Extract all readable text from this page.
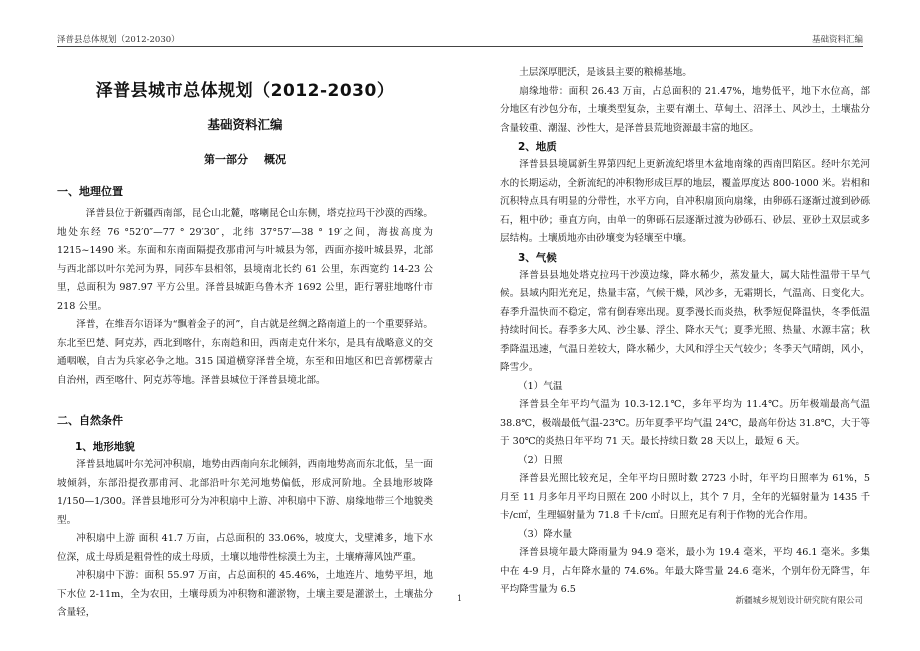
泽普县总体规划（2012-2030）	基础资料汇编
泽普县城市总体规划（2012-2030）
基础资料汇编
第一部分 概况
一、地理位置

泽普县位于新疆西南部，昆仑山北麓，喀喇昆仑山东侧，塔克拉玛干沙漠的西缘。地处东经 76 °52′0″—77 ° 29′30″，北纬 37°57′—38 ° 19′之间，海拔高度为 1215~1490 米。东面和东南面隔提孜那甫河与叶城县为邻，西面亦接叶城县界，北部与西北部以叶尔羌河为界，同莎车县相邻，县境南北长约 61 公里，东西宽约 14-23 公里，总面积为 987.97 平方公里。泽普县城距乌鲁木齐 1692 公里，距行署驻地喀什市 218 公里。

泽普，在维吾尔语译为“飘着金子的河”，自古就是丝绸之路南道上的一个重要驿站。东北至巴楚、阿克苏，西北到喀什，东南趋和田，西南走克什米尔，是具有战略意义的交通咽喉，自古为兵家必争之地。315 国道横穿泽普全境，东至和田地区和巴音郭楞蒙古自治州，西至喀什、阿克苏等地。泽普县城位于泽普县境北部。

二、自然条件
1、地形地貌

泽普县地属叶尔羌河冲积扇，地势由西南向东北倾斜，西南地势高而东北低，呈一面坡倾斜，东部沿提孜那甫河、北部沿叶尔羌河地势偏低，形成河阶地。全县地形坡降 1/150—1/300。泽普县地形可分为冲积扇中上游、冲积扇中下游、扇缘地带三个地貌类型。

冲积扇中上游 面积 41.7 万亩，占总面积的 33.06%，坡度大，戈壁滩多，地下水位深，成土母质是粗骨性的成土母质，土壤以地带性棕漠土为主，土壤瘠薄风蚀严重。

冲积扇中下游：面积 55.97 万亩，占总面积的 45.46%，土地连片、地势平坦，地下水位 2-11m，全为农田，土壤母质为冲积物和灌淤物，土壤主要是灌淤土，土壤盐分含量轻，

土层深厚肥沃，是该县主要的粮棉基地。

扇缘地带：面积 26.43 万亩，占总面积的 21.47%，地势低平，地下水位高，部分地区有沙包分布，土壤类型复杂，主要有潮土、草甸土、沼泽土、风沙土，土壤盐分含量较重、潮湿、沙性大，是泽普县荒地资源最丰富的地区。

2、地质

泽普县县境属新生界第四纪上更新流纪塔里木盆地南缘的西南凹陷区。经叶尔羌河水的长期运动，全新流纪的冲积物形成巨厚的地层，覆盖厚度达 800-1000 米。岩相和沉积特点具有明显的分带性，水平方向，自冲积扇顶向扇缘，由卵砾石逐渐过渡到砂砾石，粗中砂；垂直方向，由单一的卵砾石层逐渐过渡为砂砾石、砂层、亚砂土双层或多层结构。土壤质地亦由砂壤变为轻壤至中壤。

3、气候

泽普县县地处塔克拉玛干沙漠边缘，降水稀少，蒸发量大，属大陆性温带干旱气候。县域内阳光充足，热量丰富，气候干燥，风沙多，无霜期长，气温高、日变化大。春季升温快而不稳定，常有倒春寒出现。夏季漫长而炎热，秋季短促降温快，冬季低温持续时间长。春季多大风、沙尘暴、浮尘、降水天气；夏季光照、热量、水源丰富；秋季降温迅速，气温日差较大，降水稀少，大风和浮尘天气较少；冬季天气晴朗，风小，降雪少。

（1）气温

泽普县全年平均气温为 10.3-12.1℃，多年平均为 11.4℃。历年极端最高气温 38.8℃，极端最低气温-23℃。历年夏季平均气温 24℃，最高年份达 31.8℃，大于等于 30℃的炎热日年平均 71 天。最长持续日数 28 天以上，最短 6 天。

（2）日照

泽普县光照比较充足，全年平均日照时数 2723 小时，年平均日照率为 61%，5 月至 11 月多年月平均日照在 200 小时以上，其个 7 月，全年的光辐射量为 1435 千卡/c㎡，生理辐射量为 71.8 千卡/c㎡。日照充足有利于作物的光合作用。

（3）降水量

泽普县境年最大降雨量为 94.9 毫米，最小为 19.4 毫米，平均 46.1 毫米。多集中在 4-9 月，占年降水量的 74.6%。年最大降雪量 24.6 毫米，个别年份无降雪，年平均降雪量为 6.5

1	新疆城乡规划设计研究院有限公司
